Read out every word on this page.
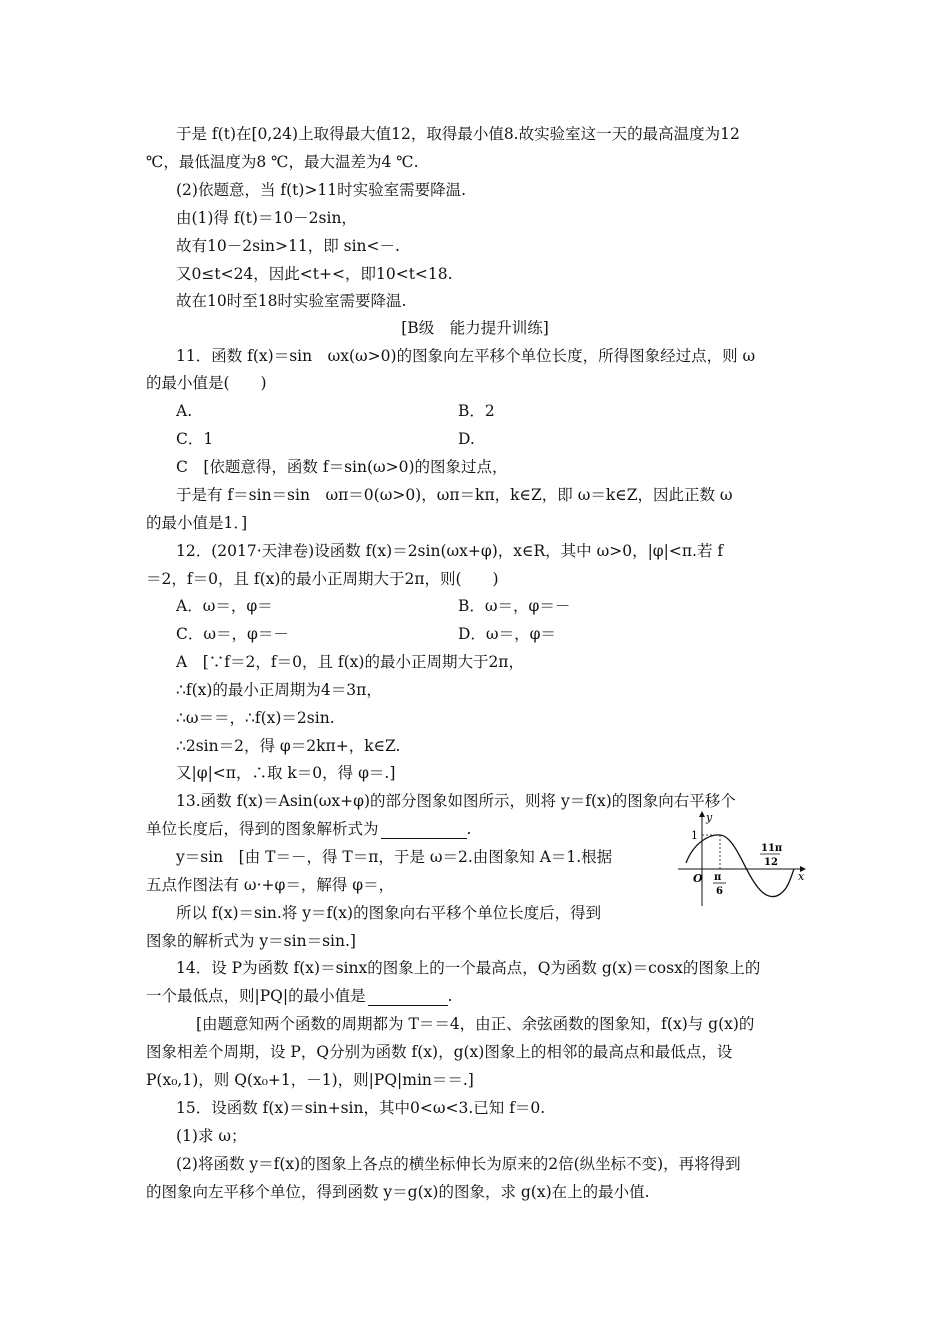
于是 f(t)在[0,24)上取得最大值12，取得最小值8.故实验室这一天的最高温度为12
℃，最低温度为8 ℃，最大温差为4 ℃.
(2)依题意，当 f(t)>11时实验室需要降温.
由(1)得 f(t)＝10－2sin，
故有10－2sin>11，即 sin<－.
又0≤t<24，因此<t+<，即10<t<18.
故在10时至18时实验室需要降温.
[B级　能力提升训练]
11．函数 f(x)＝sin　ωx(ω>0)的图象向左平移个单位长度，所得图象经过点，则 ω
的最小值是(　　)
A.	B．2
C．1	D.
C　[依题意得，函数 f＝sin(ω>0)的图象过点，
于是有 f＝sin＝sin　ωπ＝0(ω>0)，ωπ＝kπ，k∈Z，即 ω＝k∈Z，因此正数 ω
的最小值是1．]
12．(2017·天津卷)设函数 f(x)＝2sin(ωx+φ)，x∈R，其中 ω>0，|φ|<π.若 f
＝2，f＝0，且 f(x)的最小正周期大于2π，则(　　)
A．ω＝，φ＝	B．ω＝，φ＝－
C．ω＝，φ＝－	D．ω＝，φ＝
A　[∵f＝2，f＝0，且 f(x)的最小正周期大于2π，
∴f(x)的最小正周期为4＝3π，
∴ω＝＝，∴f(x)＝2sin.
∴2sin＝2，得 φ＝2kπ+，k∈Z.
又|φ|<π，∴取 k＝0，得 φ＝.]
13.函数 f(x)＝Asin(ωx+φ)的部分图象如图所示，则将 y＝f(x)的图象向右平移个
单位长度后，得到的图象解析式为	.
y＝sin　[由 T＝－，得 T＝π，于是 ω＝2.由图象知 A＝1.根据
五点作图法有 ω·+φ＝，解得 φ＝，
所以 f(x)＝sin.将 y＝f(x)的图象向右平移个单位长度后，得到
图象的解析式为 y＝sin＝sin.]
1
y
x
O π
6
11π
12
14．设 P为函数 f(x)＝sinx的图象上的一个最高点，Q为函数 g(x)＝cosx的图象上的
一个最低点，则|PQ|的最小值是	.
[由题意知两个函数的周期都为 T＝＝4，由正、余弦函数的图象知，f(x)与 g(x)的
图象相差个周期，设 P，Q分别为函数 f(x)，g(x)图象上的相邻的最高点和最低点，设
P(x₀,1)，则 Q(x₀+1，－1)，则|PQ|min＝＝.]
15．设函数 f(x)＝sin+sin，其中0<ω<3.已知 f＝0.
(1)求 ω；
(2)将函数 y＝f(x)的图象上各点的横坐标伸长为原来的2倍(纵坐标不变)，再将得到
的图象向左平移个单位，得到函数 y＝g(x)的图象，求 g(x)在上的最小值.
